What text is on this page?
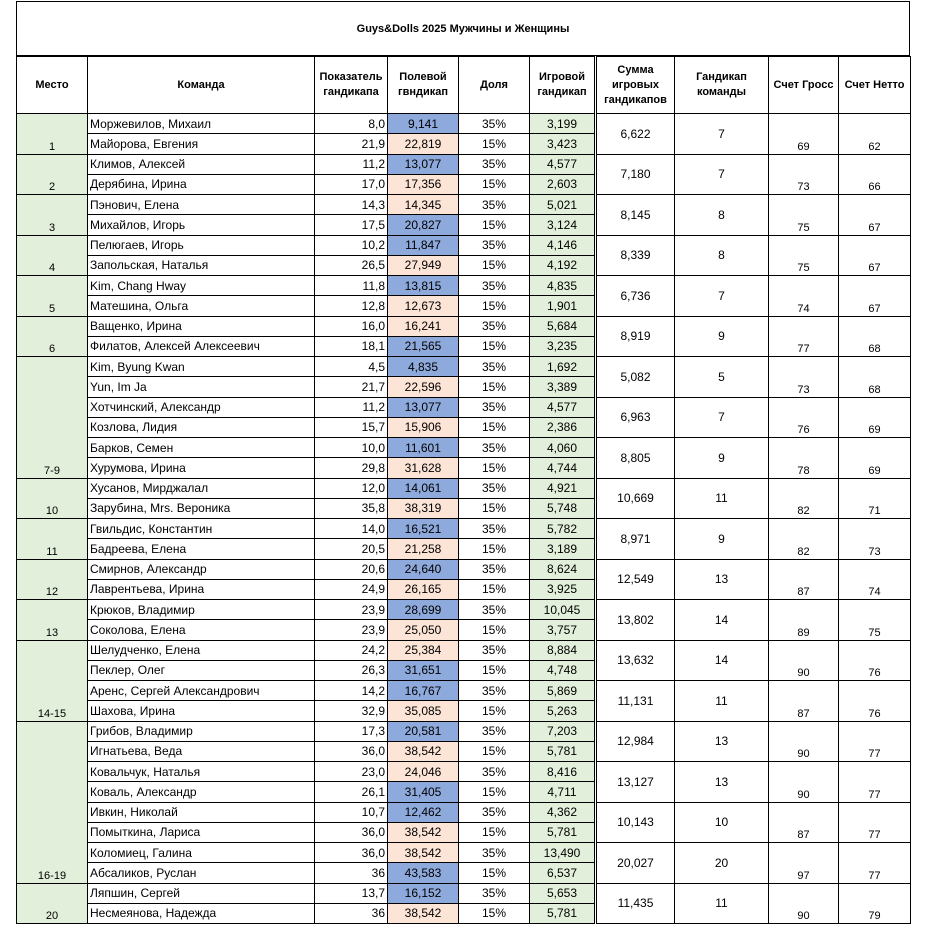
Guys&Dolls 2025 Мужчины и Женщины
Место	Команда	Показатель гандикапа	Полевой гвндикап	Доля	Игровой гандикап	Сумма игровых гандикапов	Гандикап команды	Счет Гросс	Счет Нетто
1	Моржевилов, Михаил	8,0	9,141	35%	3,199	6,622	7	69	62
	Майорова, Евгения	21,9	22,819	15%	3,423				
2	Климов, Алексей	11,2	13,077	35%	4,577	7,180	7	73	66
	Дерябина, Ирина	17,0	17,356	15%	2,603				
3	Пэнович, Елена	14,3	14,345	35%	5,021	8,145	8	75	67
	Михайлов, Игорь	17,5	20,827	15%	3,124				
4	Пелюгаев, Игорь	10,2	11,847	35%	4,146	8,339	8	75	67
	Запольская, Наталья	26,5	27,949	15%	4,192				
5	Kim, Chang Hway	11,8	13,815	35%	4,835	6,736	7	74	67
	Матешина, Ольга	12,8	12,673	15%	1,901				
6	Ващенко, Ирина	16,0	16,241	35%	5,684	8,919	9	77	68
	Филатов, Алексей Алексеевич	18,1	21,565	15%	3,235				
7-9	Kim, Byung Kwan	4,5	4,835	35%	1,692	5,082	5	73	68
	Yun, Im Ja	21,7	22,596	15%	3,389				
	Хотчинский, Александр	11,2	13,077	35%	4,577	6,963	7	76	69
	Козлова, Лидия	15,7	15,906	15%	2,386				
	Барков, Семен	10,0	11,601	35%	4,060	8,805	9	78	69
	Хурумова, Ирина	29,8	31,628	15%	4,744				
10	Хусанов, Мирджалал	12,0	14,061	35%	4,921	10,669	11	82	71
	Зарубина, Mrs. Вероника	35,8	38,319	15%	5,748				
11	Гвильдис, Константин	14,0	16,521	35%	5,782	8,971	9	82	73
	Бадреева, Елена	20,5	21,258	15%	3,189				
12	Смирнов, Александр	20,6	24,640	35%	8,624	12,549	13	87	74
	Лаврентьева, Ирина	24,9	26,165	15%	3,925				
13	Крюков, Владимир	23,9	28,699	35%	10,045	13,802	14	89	75
	Соколова, Елена	23,9	25,050	15%	3,757				
14-15	Шелудченко, Елена	24,2	25,384	35%	8,884	13,632	14	90	76
	Пеклер, Олег	26,3	31,651	15%	4,748				
	Аренс, Сергей Александрович	14,2	16,767	35%	5,869	11,131	11	87	76
	Шахова, Ирина	32,9	35,085	15%	5,263				
16-19	Грибов, Владимир	17,3	20,581	35%	7,203	12,984	13	90	77
	Игнатьева, Веда	36,0	38,542	15%	5,781				
	Ковальчук, Наталья	23,0	24,046	35%	8,416	13,127	13	90	77
	Коваль, Александр	26,1	31,405	15%	4,711				
	Ивкин, Николай	10,7	12,462	35%	4,362	10,143	10	87	77
	Помыткина, Лариса	36,0	38,542	15%	5,781				
	Коломиец, Галина	36,0	38,542	35%	13,490	20,027	20	97	77
	Абсаликов, Руслан	36	43,583	15%	6,537				
20	Ляпшин, Сергей	13,7	16,152	35%	5,653	11,435	11	90	79
	Несмеянова, Надежда	36	38,542	15%	5,781				
